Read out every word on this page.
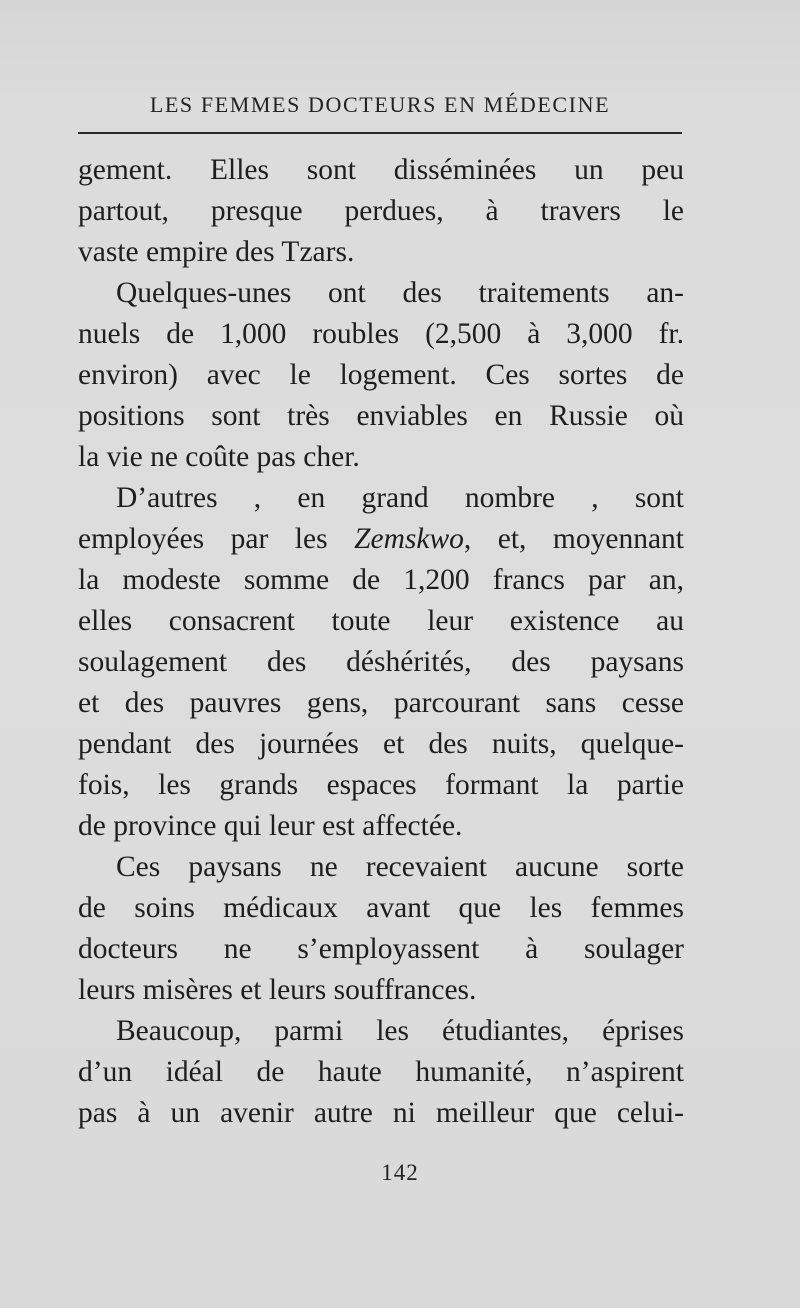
LES FEMMES DOCTEURS EN MÉDECINE

gement. Elles sont disséminées un peu
partout, presque perdues, à travers le
vaste empire des Tzars.

Quelques-unes ont des traitements an-
nuels de 1,000 roubles (2,500 à 3,000 fr.
environ) avec le logement. Ces sortes de
positions sont très enviables en Russie où
la vie ne coûte pas cher.

D’autres , en grand nombre , sont
employées par les Zemskwo, et, moyennant
la modeste somme de 1,200 francs par an,
elles consacrent toute leur existence au
soulagement des déshérités, des paysans
et des pauvres gens, parcourant sans cesse
pendant des journées et des nuits, quelque-
fois, les grands espaces formant la partie
de province qui leur est affectée.

Ces paysans ne recevaient aucune sorte
de soins médicaux avant que les femmes
docteurs ne s’employassent à soulager
leurs misères et leurs souffrances.

Beaucoup, parmi les étudiantes, éprises
d’un idéal de haute humanité, n’aspirent
pas à un avenir autre ni meilleur que celui-

142
